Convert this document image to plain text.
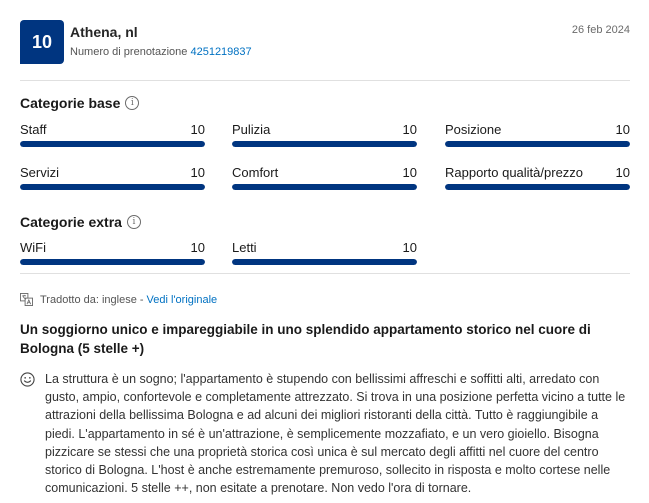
10	Athena, nl
Numero di prenotazione 4251219837
26 feb 2024
Categorie base	i
Staff	10 Pulizia	10 Posizione	10
Servizi	10 Comfort	10 Rapporto qualità/prezzo	10
Categorie extra	i
WiFi	10 Letti	10
Tradotto da: inglese - Vedi l'originale
Un soggiorno unico e impareggiabile in uno splendido appartamento storico nel cuore di Bologna (5 stelle +)
La struttura è un sogno; l'appartamento è stupendo con bellissimi affreschi e soffitti alti, arredato con gusto, ampio, confortevole e completamente attrezzato. Si trova in una posizione perfetta vicino a tutte le attrazioni della bellissima Bologna e ad alcuni dei migliori ristoranti della città. Tutto è raggiungibile a piedi. L'appartamento in sé è un'attrazione, è semplicemente mozzafiato, e un vero gioiello. Bisogna pizzicare se stessi che una proprietà storica così unica è sul mercato degli affitti nel cuore del centro storico di Bologna. L'host è anche estremamente premuroso, sollecito in risposta e molto cortese nelle comunicazioni. 5 stelle ++, non esitate a prenotare. Non vedo l'ora di tornare.
